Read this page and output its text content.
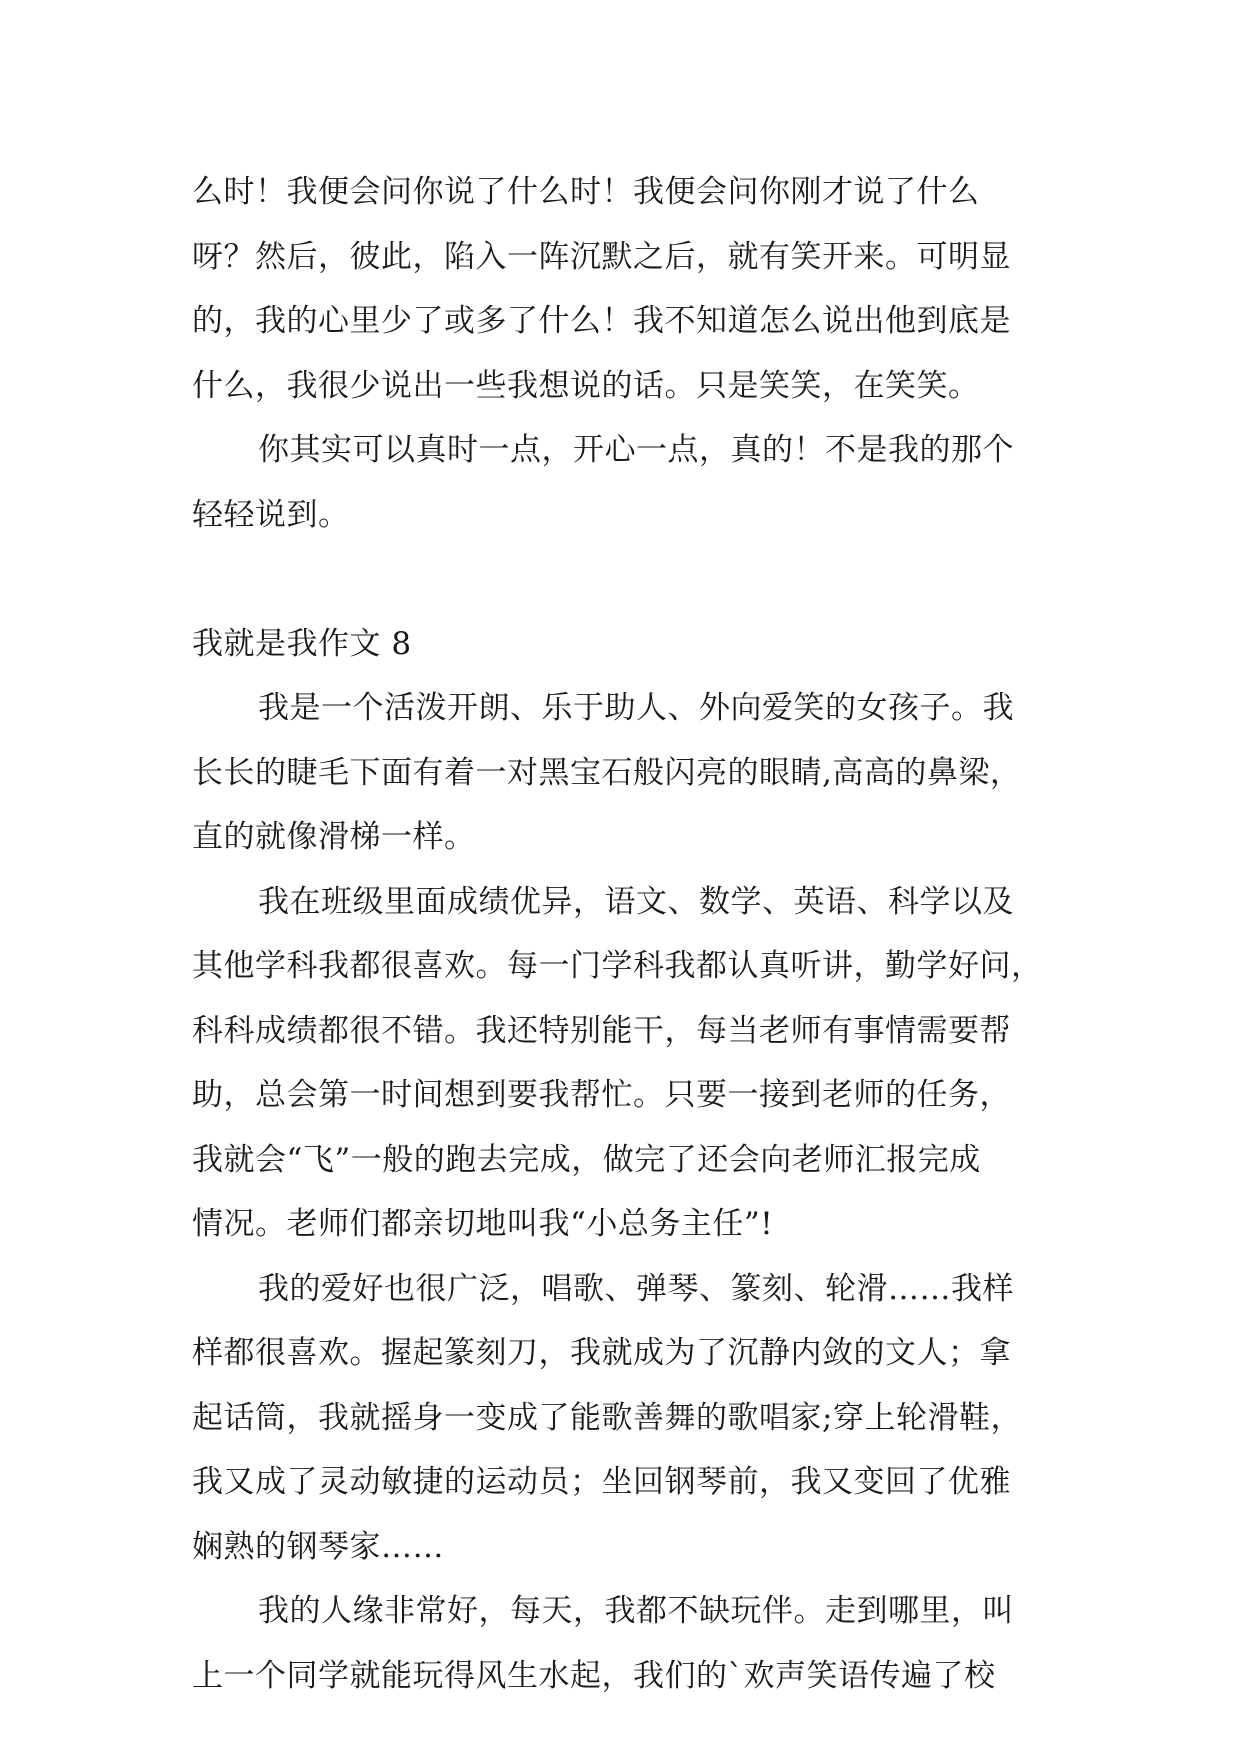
么时！我便会问你说了什么时！我便会问你刚才说了什么
呀？然后，彼此，陷入一阵沉默之后，就有笑开来。可明显
的，我的心里少了或多了什么！我不知道怎么说出他到底是
什么，我很少说出一些我想说的话。只是笑笑，在笑笑。
你其实可以真时一点，开心一点，真的！不是我的那个
轻轻说到。
我就是我作文 8
我是一个活泼开朗、乐于助人、外向爱笑的女孩子。我
长长的睫毛下面有着一对黑宝石般闪亮的眼睛,高高的鼻梁，
直的就像滑梯一样。
我在班级里面成绩优异，语文、数学、英语、科学以及
其他学科我都很喜欢。每一门学科我都认真听讲，勤学好问，
科科成绩都很不错。我还特别能干，每当老师有事情需要帮
助，总会第一时间想到要我帮忙。只要一接到老师的任务，
我就会“飞”一般的跑去完成，做完了还会向老师汇报完成
情况。老师们都亲切地叫我“小总务主任”!
我的爱好也很广泛，唱歌、弹琴、篆刻、轮滑……我样
样都很喜欢。握起篆刻刀，我就成为了沉静内敛的文人；拿
起话筒，我就摇身一变成了能歌善舞的歌唱家;穿上轮滑鞋，
我又成了灵动敏捷的运动员；坐回钢琴前，我又变回了优雅
娴熟的钢琴家……
我的人缘非常好，每天，我都不缺玩伴。走到哪里，叫
上一个同学就能玩得风生水起，我们的`欢声笑语传遍了校
